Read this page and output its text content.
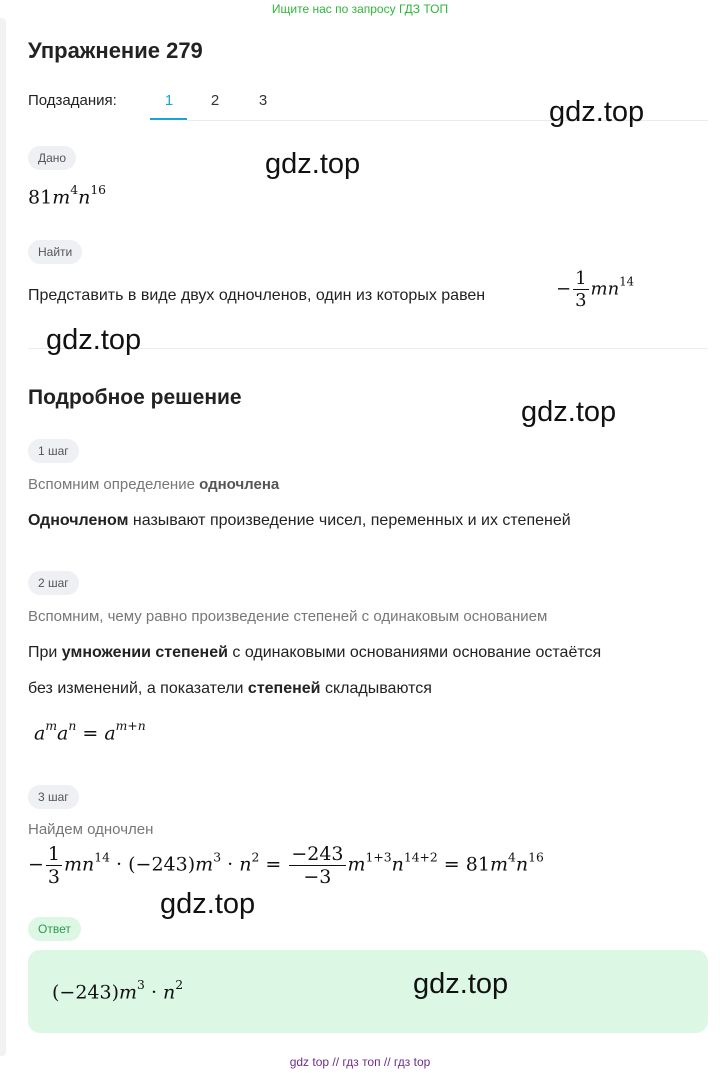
Ищите нас по запросу ГДЗ ТОП
Упражнение 279
Подзадания:	1	2	3
Дано
$81m^4n^{16}$
Найти
Представить в виде двух одночленов, один из которых равен	− $\frac{1}{3} mn^{14}$
Подробное решение
1 шаг
Вспомним определение одночлена
Одночленом называют произведение чисел, переменных и их степеней
2 шаг
Вспомним, чему равно произведение степеней с одинаковым основанием
При умножении степеней с одинаковыми основаниями основание остаётся
без изменений, а показатели степеней складываются
$a^ma^n = a^{m+n}$
3 шаг
Найдем одночлен
− $\frac{1}{3} mn^{14} \cdot (-243)m^3 \cdot n^2 = \frac{-243}{-3} m^{1+3}n^{14+2} = 81m^4n^{16}$
Ответ
$(-243)m^3 \cdot n^2$
gdz.top
gdz.top
gdz.top
gdz.top
gdz.top
gdz.top
gdz top // гдз топ // гдз top
